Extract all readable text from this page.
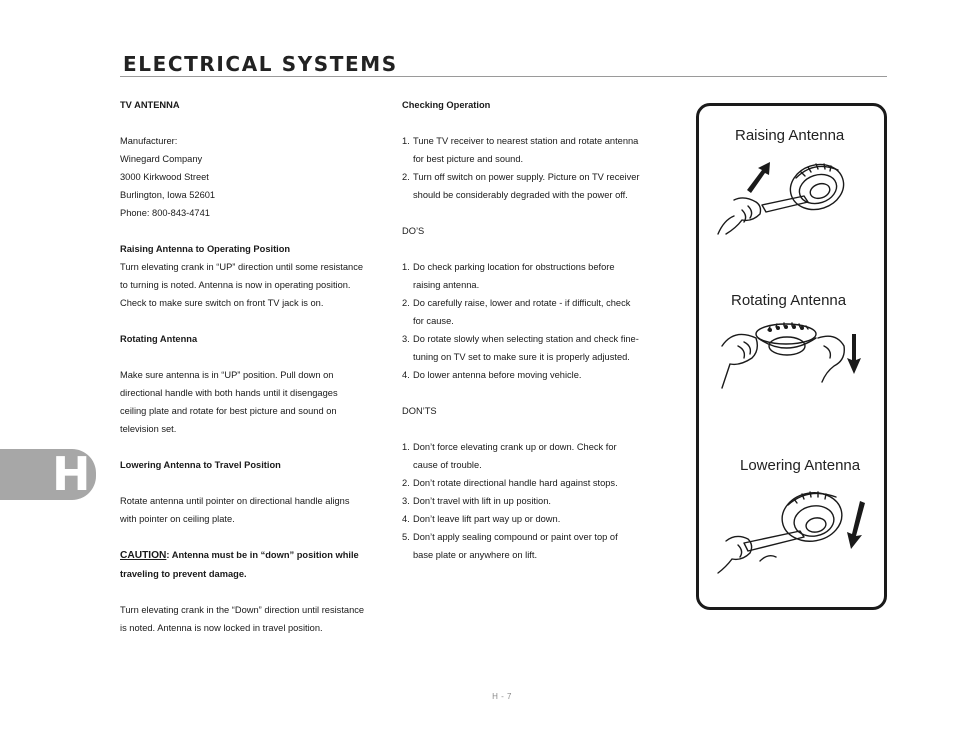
ELECTRICAL SYSTEMS

TV ANTENNA

Manufacturer:

Winegard Company

3000 Kirkwood Street

Burlington, Iowa 52601

Phone: 800-843-4741

Raising Antenna to Operating Position

Turn elevating crank in “UP” direction until some resistance

to turning is noted. Antenna is now in operating position.

Check to make sure switch on front TV jack is on.

Rotating Antenna

Make sure antenna is in “UP” position. Pull down on

directional handle with both hands until it disengages

ceiling plate and rotate for best picture and sound on

television set.

Lowering Antenna to Travel Position

Rotate antenna until pointer on directional handle aligns

with pointer on ceiling plate.

CAUTION: Antenna must be in “down” position while

traveling to prevent damage.

Turn elevating crank in the “Down” direction until resistance

is noted. Antenna is now locked in travel position.

Checking Operation

1. Tune TV receiver to nearest station and rotate antenna
for best picture and sound.
2. Turn off switch on power supply. Picture on TV receiver
should be considerably degraded with the power off.

DO’S

1. Do check parking location for obstructions before
raising antenna.
2. Do carefully raise, lower and rotate - if difficult, check
for cause.
3. Do rotate slowly when selecting station and check fine-
tuning on TV set to make sure it is properly adjusted.
4. Do lower antenna before moving vehicle.

DON’TS

1. Don’t force elevating crank up or down. Check for
cause of trouble.
2. Don’t rotate directional handle hard against stops.
3. Don’t travel with lift in up position.
4. Don’t leave lift part way up or down.
5. Don’t apply sealing compound or paint over top of
base plate or anywhere on lift.
H
Raising Antenna
Rotating Antenna
Lowering Antenna
H - 7
